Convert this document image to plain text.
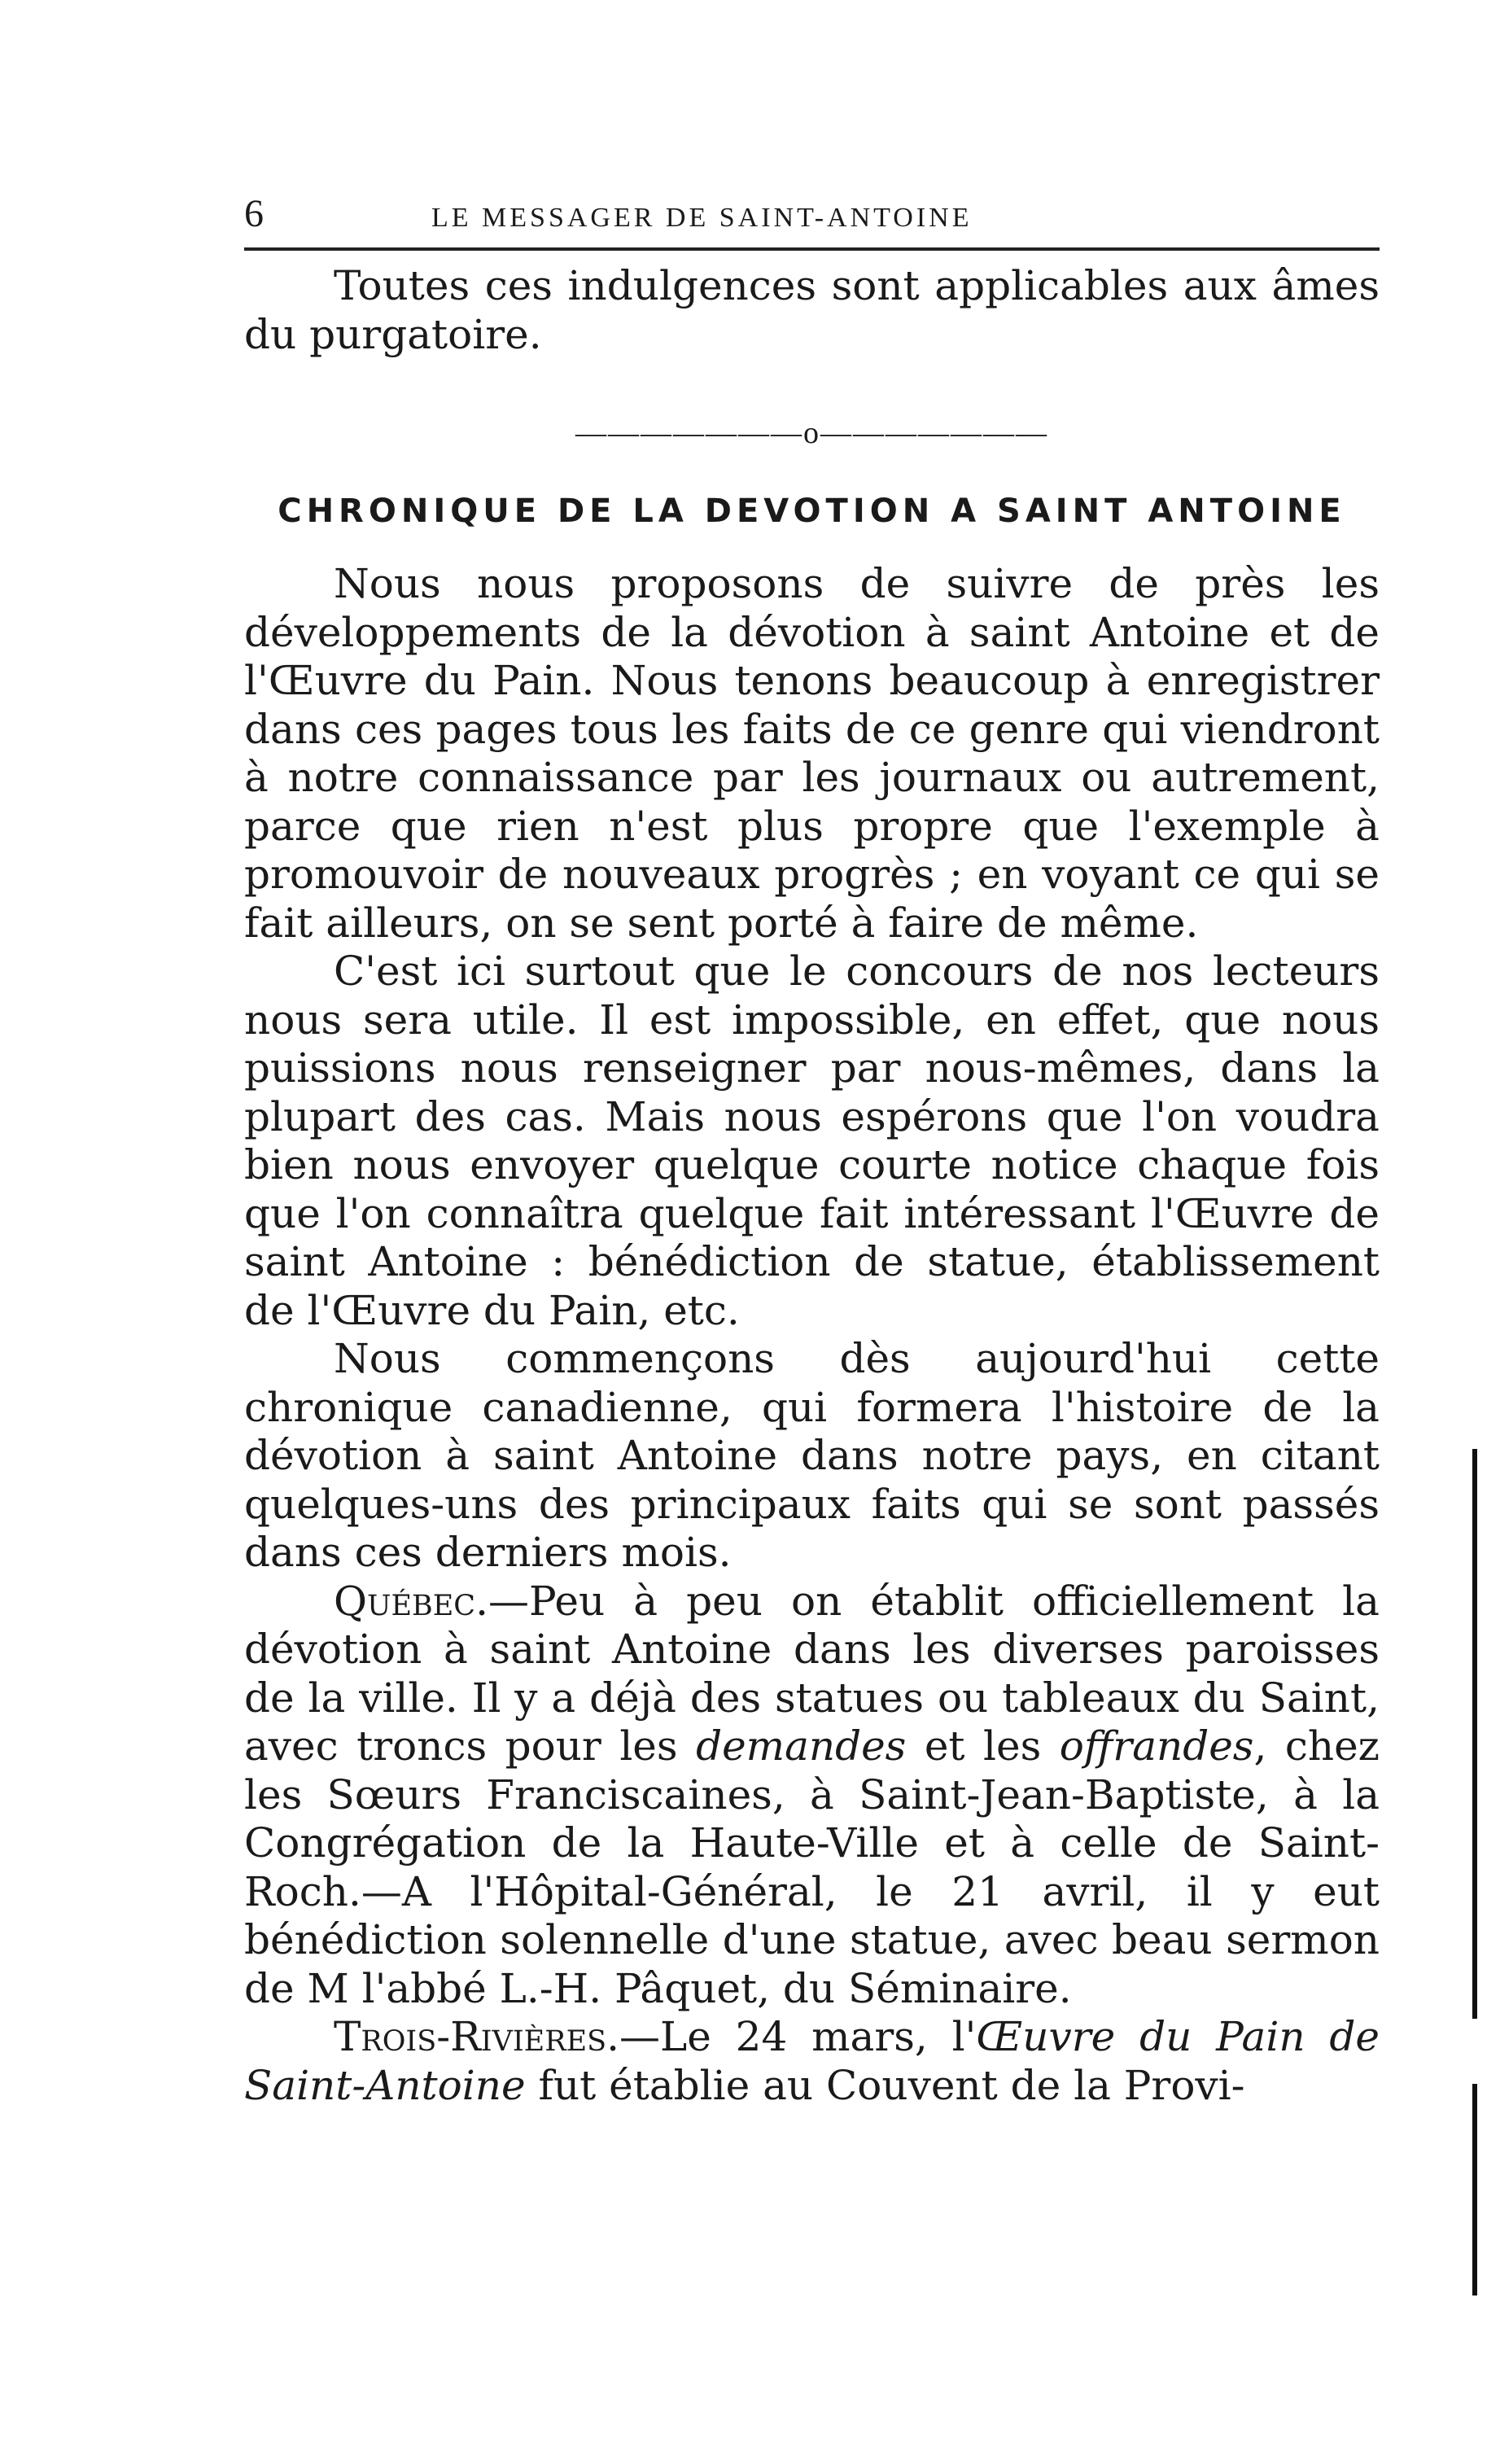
6	LE MESSAGER DE SAINT-ANTOINE

Toutes ces indulgences sont applicables aux âmes du purgatoire.

———————o———————
CHRONIQUE DE LA DEVOTION A SAINT ANTOINE

Nous nous proposons de suivre de près les développements de la dévotion à saint Antoine et de l'Œuvre du Pain. Nous tenons beaucoup à enregistrer dans ces pages tous les faits de ce genre qui viendront à notre connaissance par les journaux ou autrement, parce que rien n'est plus propre que l'exemple à promouvoir de nouveaux progrès ; en voyant ce qui se fait ailleurs, on se sent porté à faire de même.

C'est ici surtout que le concours de nos lecteurs nous sera utile. Il est impossible, en effet, que nous puissions nous renseigner par nous-mêmes, dans la plupart des cas. Mais nous espérons que l'on voudra bien nous envoyer quelque courte notice chaque fois que l'on connaîtra quelque fait intéressant l'Œuvre de saint Antoine : bénédiction de statue, établissement de l'Œuvre du Pain, etc.

Nous commençons dès aujourd'hui cette chronique canadienne, qui formera l'histoire de la dévotion à saint Antoine dans notre pays, en citant quelques-uns des principaux faits qui se sont passés dans ces derniers mois.

Québec.—Peu à peu on établit officiellement la dévotion à saint Antoine dans les diverses paroisses de la ville. Il y a déjà des statues ou tableaux du Saint, avec troncs pour les demandes et les offrandes, chez les Sœurs Franciscaines, à Saint-Jean-Baptiste, à la Congrégation de la Haute-Ville et à celle de Saint-Roch.—A l'Hôpital-Général, le 21 avril, il y eut bénédiction solennelle d'une statue, avec beau sermon de M l'abbé L.-H. Pâquet, du Séminaire.

Trois-Rivières.—Le 24 mars, l'Œuvre du Pain de Saint-Antoine fut établie au Couvent de la Provi-
